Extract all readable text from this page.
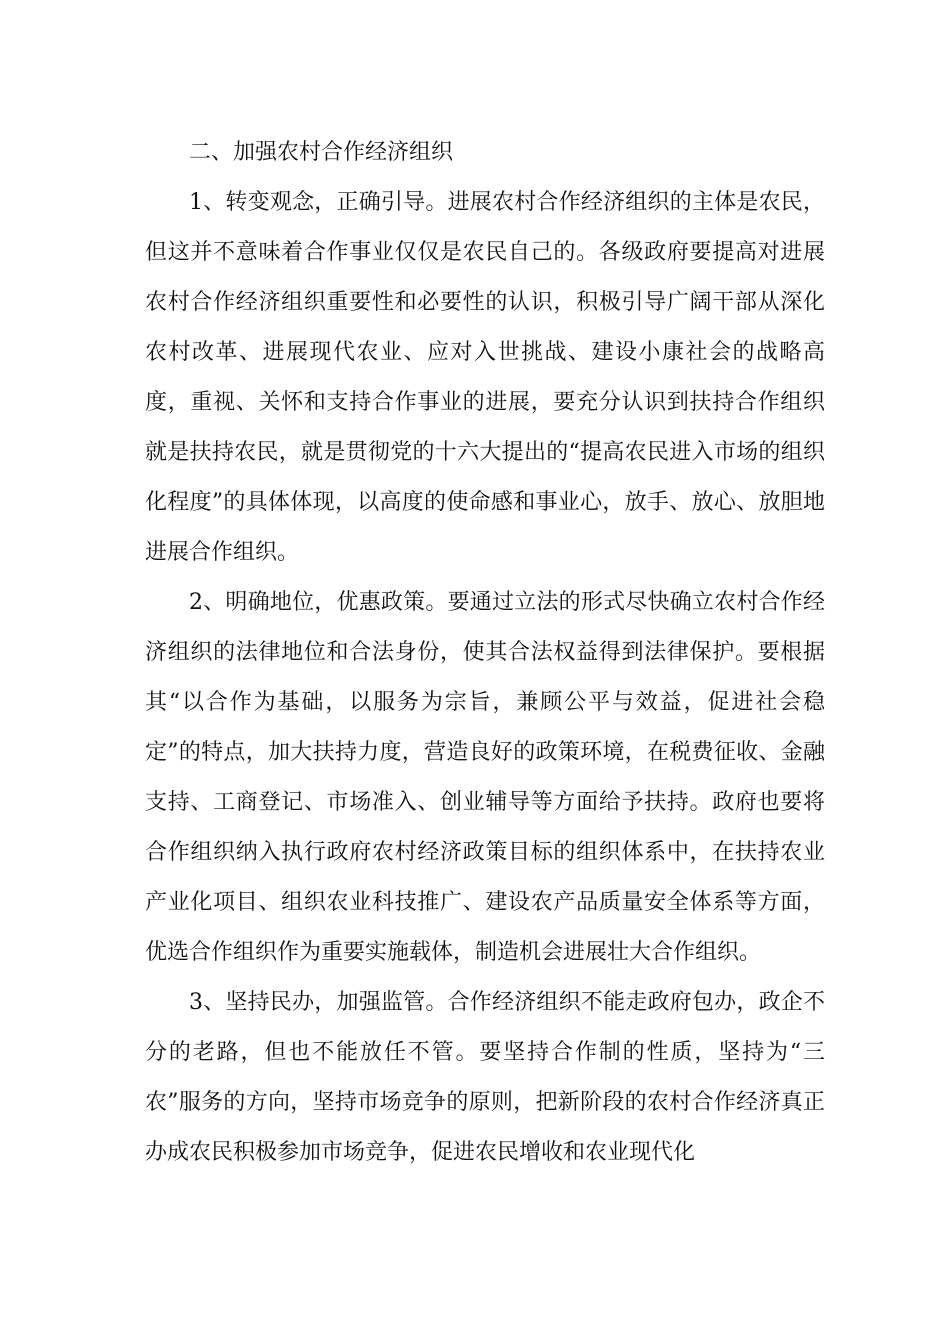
二、加强农村合作经济组织

1、转变观念，正确引导。进展农村合作经济组织的主体是农民，但这并不意味着合作事业仅仅是农民自己的。各级政府要提高对进展农村合作经济组织重要性和必要性的认识，积极引导广阔干部从深化农村改革、进展现代农业、应对入世挑战、建设小康社会的战略高度，重视、关怀和支持合作事业的进展，要充分认识到扶持合作组织就是扶持农民，就是贯彻党的十六大提出的“提高农民进入市场的组织化程度”的具体体现，以高度的使命感和事业心，放手、放心、放胆地进展合作组织。

2、明确地位，优惠政策。要通过立法的形式尽快确立农村合作经济组织的法律地位和合法身份，使其合法权益得到法律保护。要根据其“以合作为基础，以服务为宗旨，兼顾公平与效益，促进社会稳定”的特点，加大扶持力度，营造良好的政策环境，在税费征收、金融支持、工商登记、市场准入、创业辅导等方面给予扶持。政府也要将合作组织纳入执行政府农村经济政策目标的组织体系中，在扶持农业产业化项目、组织农业科技推广、建设农产品质量安全体系等方面，优选合作组织作为重要实施载体，制造机会进展壮大合作组织。

3、坚持民办，加强监管。合作经济组织不能走政府包办，政企不分的老路，但也不能放任不管。要坚持合作制的性质，坚持为“三农”服务的方向，坚持市场竞争的原则，把新阶段的农村合作经济真正办成农民积极参加市场竞争，促进农民增收和农业现代化
